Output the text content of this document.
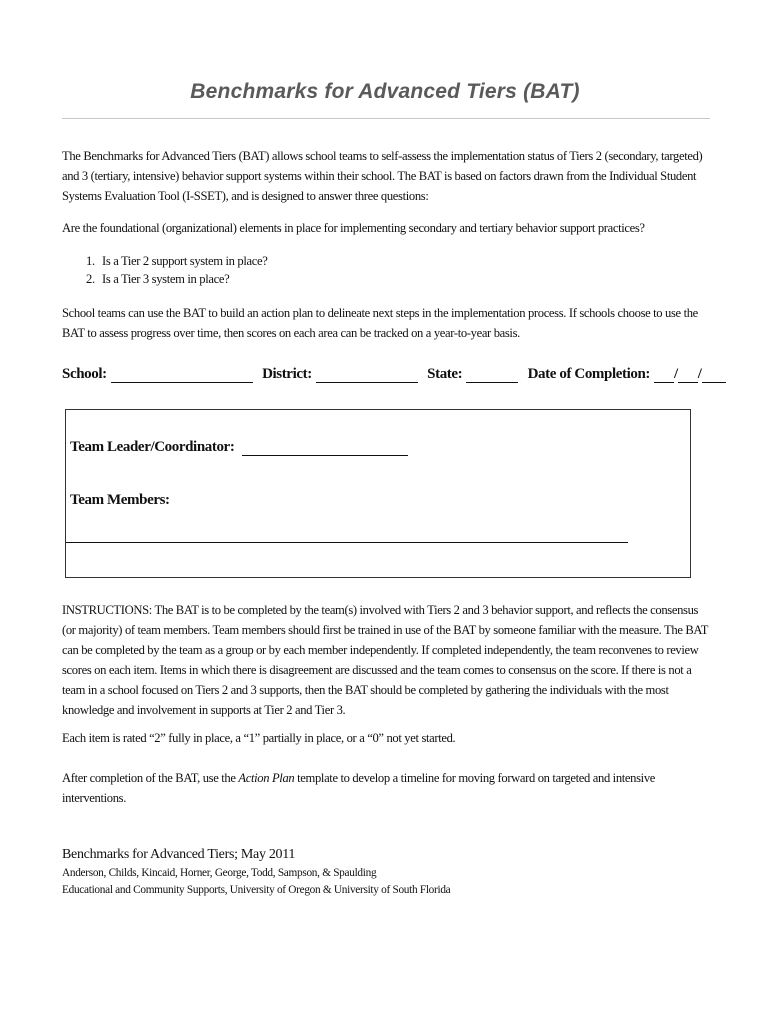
Benchmarks for Advanced Tiers (BAT)
The Benchmarks for Advanced Tiers (BAT) allows school teams to self-assess the implementation status of Tiers 2 (secondary, targeted) and 3 (tertiary, intensive) behavior support systems within their school. The BAT is based on factors drawn from the Individual Student Systems Evaluation Tool (I-SSET), and is designed to answer three questions:
Are the foundational (organizational) elements in place for implementing secondary and tertiary behavior support practices?
1. Is a Tier 2 support system in place?
2. Is a Tier 3 system in place?
School teams can use the BAT to build an action plan to delineate next steps in the implementation process. If schools choose to use the BAT to assess progress over time, then scores on each area can be tracked on a year-to-year basis.
School:	District:	State:	Date of Completion: / /
Team Leader/Coordinator:
Team Members:
INSTRUCTIONS: The BAT is to be completed by the team(s) involved with Tiers 2 and 3 behavior support, and reflects the consensus (or majority) of team members. Team members should first be trained in use of the BAT by someone familiar with the measure. The BAT can be completed by the team as a group or by each member independently. If completed independently, the team reconvenes to review scores on each item. Items in which there is disagreement are discussed and the team comes to consensus on the score. If there is not a team in a school focused on Tiers 2 and 3 supports, then the BAT should be completed by gathering the individuals with the most knowledge and involvement in supports at Tier 2 and Tier 3.
Each item is rated “2” fully in place, a “1” partially in place, or a “0” not yet started.
After completion of the BAT, use the Action Plan template to develop a timeline for moving forward on targeted and intensive interventions.
Benchmarks for Advanced Tiers; May 2011
Anderson, Childs, Kincaid, Horner, George, Todd, Sampson, & Spaulding
Educational and Community Supports, University of Oregon & University of South Florida
